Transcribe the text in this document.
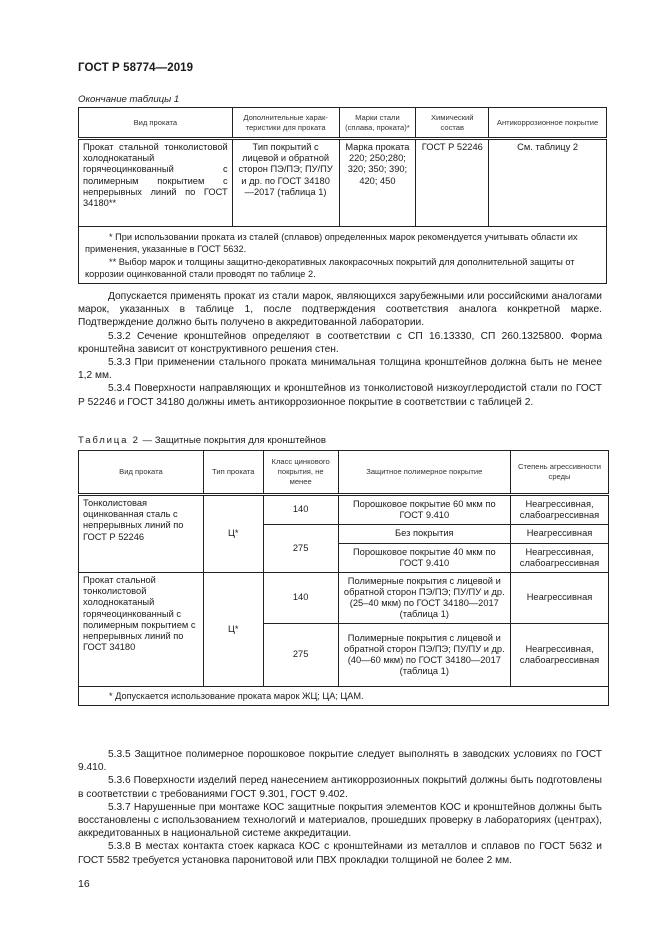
ГОСТ Р 58774—2019
Окончание таблицы 1
Вид проката	Дополнительные харак-теристики для проката	Марки стали (сплава, проката)*	Химический состав	Антикоррозионное покрытие
Прокат стальной тонколистовой холоднокатаный горячеоцинкованный с полимерным покрытием с непрерывных линий по ГОСТ 34180**	Тип покрытий с лицевой и обратной сторон ПЭ/ПЭ; ПУ/ПУ и др. по ГОСТ 34180—2017 (таблица 1)	Марка проката 220; 250;280; 320; 350; 390; 420; 450	ГОСТ Р 52246	См. таблицу 2

* При использовании проката из сталей (сплавов) определенных марок рекомендуется учитывать области их применения, указанные в ГОСТ 5632.
** Выбор марок и толщины защитно-декоративных лакокрасочных покрытий для дополнительной защиты от коррозии оцинкованной стали проводят по таблице 2.				

Допускается применять прокат из стали марок, являющихся зарубежными или российскими аналогами марок, указанных в таблице 1, после подтверждения соответствия аналога конкретной марке. Подтверждение должно быть получено в аккредитованной лаборатории.

5.3.2 Сечение кронштейнов определяют в соответствии с СП 16.13330, СП 260.1325800. Форма кронштейна зависит от конструктивного решения стен.

5.3.3 При применении стального проката минимальная толщина кронштейнов должна быть не менее 1,2 мм.

5.3.4 Поверхности направляющих и кронштейнов из тонколистовой низкоуглеродистой стали по ГОСТ Р 52246 и ГОСТ 34180 должны иметь антикоррозионное покрытие в соответствии с таблицей 2.

Таблица 2 — Защитные покрытия для кронштейнов
Вид проката	Тип проката	Класс цинкового покрытия, не менее	Защитное полимерное покрытие	Степень агрессивности среды
Тонколистовая оцинкованная сталь с непрерывных линий по ГОСТ Р 52246	Ц*	140	Порошковое покрытие 60 мкм по ГОСТ 9.410	Неагрессивная, слабоагрессивная
		275	Без покрытия	Неагрессивная
			Порошковое покрытие 40 мкм по ГОСТ 9.410	Неагрессивная, слабоагрессивная
Прокат стальной тонколистовой холоднокатаный горячеоцинкованный с полимерным покрытием с непрерывных линий по ГОСТ 34180	Ц*	140	Полимерные покрытия с лицевой и обратной сторон ПЭ/ПЭ; ПУ/ПУ и др. (25–40 мкм) по ГОСТ 34180—2017 (таблица 1)	Неагрессивная
		275	Полимерные покрытия с лицевой и обратной сторон ПЭ/ПЭ; ПУ/ПУ и др. (40—60 мкм) по ГОСТ 34180—2017 (таблица 1)	Неагрессивная, слабоагрессивная
* Допускается использование проката марок ЖЦ; ЦА; ЦАМ.				

5.3.5 Защитное полимерное порошковое покрытие следует выполнять в заводских условиях по ГОСТ 9.410.

5.3.6 Поверхности изделий перед нанесением антикоррозионных покрытий должны быть подготовлены в соответствии с требованиями ГОСТ 9.301, ГОСТ 9.402.

5.3.7 Нарушенные при монтаже КОС защитные покрытия элементов КОС и кронштейнов должны быть восстановлены с использованием технологий и материалов, прошедших проверку в лабораториях (центрах), аккредитованных в национальной системе аккредитации.

5.3.8 В местах контакта стоек каркаса КОС с кронштейнами из металлов и сплавов по ГОСТ 5632 и ГОСТ 5582 требуется установка паронитовой или ПВХ прокладки толщиной не более 2 мм.

16
